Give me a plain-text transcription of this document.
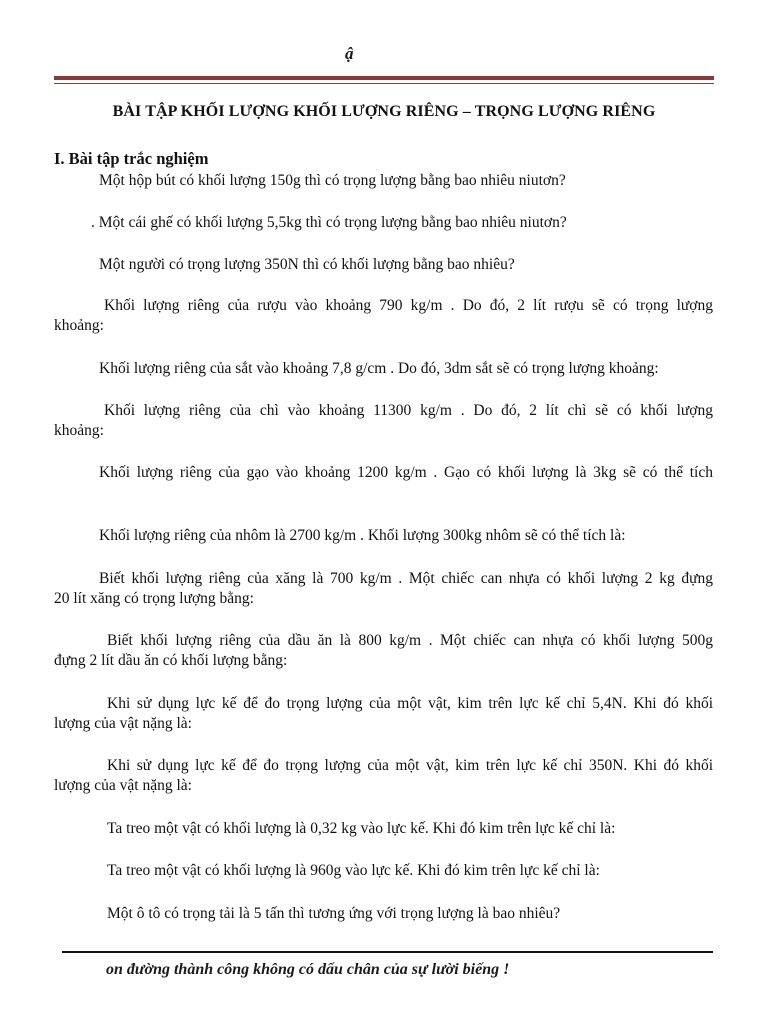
ậ
BÀI TẬP KHỐI LƯỢNG KHỐI LƯỢNG RIÊNG – TRỌNG LƯỢNG RIÊNG
I. Bài tập trắc nghiệm
Một hộp bút có khối lượng 150g thì có trọng lượng bằng bao nhiêu niutơn?
. Một cái ghế có khối lượng 5,5kg thì có trọng lượng bằng bao nhiêu niutơn?
Một người có trọng lượng 350N thì có khối lượng bằng bao nhiêu?
Khối lượng riêng của rượu vào khoảng 790 kg/m . Do đó, 2 lít rượu sẽ có trọng lượng
khoảng:
Khối lượng riêng của sắt vào khoảng 7,8 g/cm . Do đó, 3dm sắt sẽ có trọng lượng khoảng:
Khối lượng riêng của chì vào khoảng 11300 kg/m . Do đó, 2 lít chì sẽ có khối lượng
khoảng:
Khối lượng riêng của gạo vào khoảng 1200 kg/m . Gạo có khối lượng là 3kg sẽ có thể tích
Khối lượng riêng của nhôm là 2700 kg/m . Khối lượng 300kg nhôm sẽ có thể tích là:
Biết khối lượng riêng của xăng là 700 kg/m . Một chiếc can nhựa có khối lượng 2 kg đựng
20 lít xăng có trọng lượng bằng:
Biết khối lượng riêng của dầu ăn là 800 kg/m . Một chiếc can nhựa có khối lượng 500g
đựng 2 lít dầu ăn có khối lượng bằng:
Khi sử dụng lực kế để đo trọng lượng của một vật, kim trên lực kế chỉ 5,4N. Khi đó khối
lượng của vật nặng là:
Khi sử dụng lực kế để đo trọng lượng của một vật, kim trên lực kế chỉ 350N. Khi đó khối
lượng của vật nặng là:
Ta treo một vật có khối lượng là 0,32 kg vào lực kế. Khi đó kim trên lực kế chỉ là:
Ta treo một vật có khối lượng là 960g vào lực kế. Khi đó kim trên lực kế chỉ là:
Một ô tô có trọng tải là 5 tấn thì tương ứng với trọng lượng là bao nhiêu?
on đường thành công không có dấu chân của sự lười biếng !
